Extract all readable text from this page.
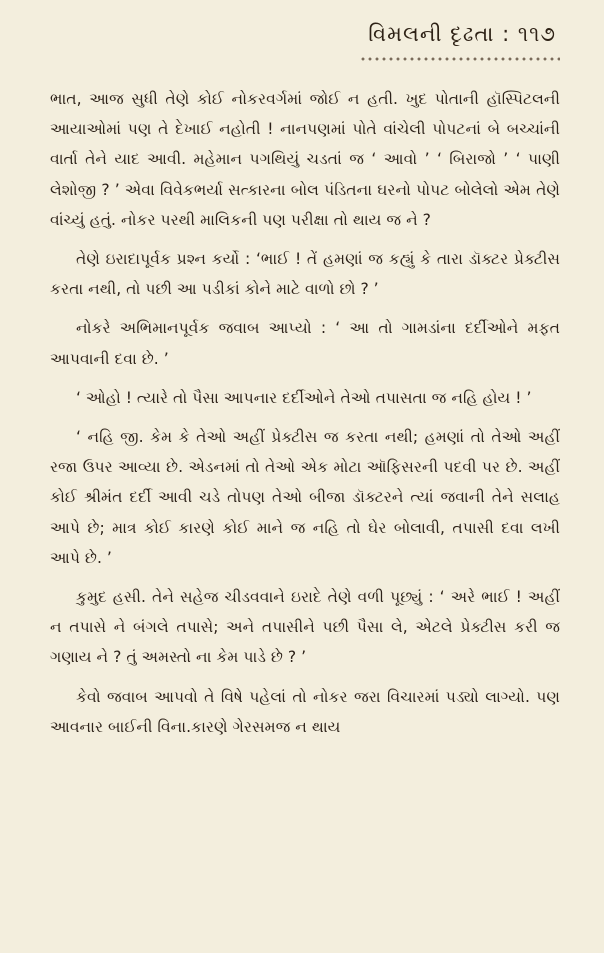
વિમલની દૃઢતા : ૧૧૭

ભાત, આજ સુધી તેણે કોઈ નોકરવર્ગમાં જોઈ ન હતી. ખુદ પોતાની હૉસ્પિટલની આયાઓમાં પણ તે દેખાઈ નહોતી ! નાનપણમાં પોતે વાંચેલી પોપટનાં બે બચ્ચાંની વાર્તા તેને યાદ આવી. મહેમાન પગથિયું ચડતાં જ ‘ આવો ’ ‘ બિરાજો ’ ‘ પાણી લેશોજી ? ’ એવા વિવેકભર્યા સત્કારના બોલ પંડિતના ઘરનો પોપટ બોલેલો એમ તેણે વાંચ્યું હતું. નોકર પરથી માલિકની પણ પરીક્ષા તો થાય જ ને ?

તેણે ઇરાદાપૂર્વક પ્રશ્ન કર્યો : ‘ભાઈ ! તેં હમણાં જ કહ્યું કે તારા ડૉક્ટર પ્રેક્ટીસ કરતા નથી, તો પછી આ પડીકાં કોને માટે વાળો છો ? ’

નોકરે અભિમાનપૂર્વક જવાબ આપ્યો : ‘ આ તો ગામડાંના દર્દીઓને મફત આપવાની દવા છે. ’

‘ ઓહો ! ત્યારે તો પૈસા આપનાર દર્દીઓને તેઓ તપાસતા જ નહિ હોય ! ’

‘ નહિ જી. કેમ કે તેઓ અહીં પ્રેક્ટીસ જ કરતા નથી; હમણાં તો તેઓ અહીં રજા ઉપર આવ્યા છે. એડનમાં તો તેઓ એક મોટા ઑફિસરની પદવી પર છે. અહીં કોઈ શ્રીમંત દર્દી આવી ચડે તોપણ તેઓ બીજા ડૉક્ટરને ત્યાં જવાની તેને સલાહ આપે છે; માત્ર કોઈ કારણે કોઈ માને જ નહિ તો ઘેર બોલાવી, તપાસી દવા લખી આપે છે. ’

કુમુદ હસી. તેને સહેજ ચીડવવાને ઇરાદે તેણે વળી પૂછ્યું : ‘ અરે ભાઈ ! અહીં ન તપાસે ને બંગલે તપાસે; અને તપાસીને પછી પૈસા લે, એટલે પ્રેક્ટીસ કરી જ ગણાય ને ? તું અમસ્તો ના કેમ પાડે છે ? ’

કેવો જવાબ આપવો તે વિષે પહેલાં તો નોકર જરા વિચારમાં પડ્યો લાગ્યો. પણ આવનાર બાઈની વિના.કારણે ગેરસમજ ન થાય
